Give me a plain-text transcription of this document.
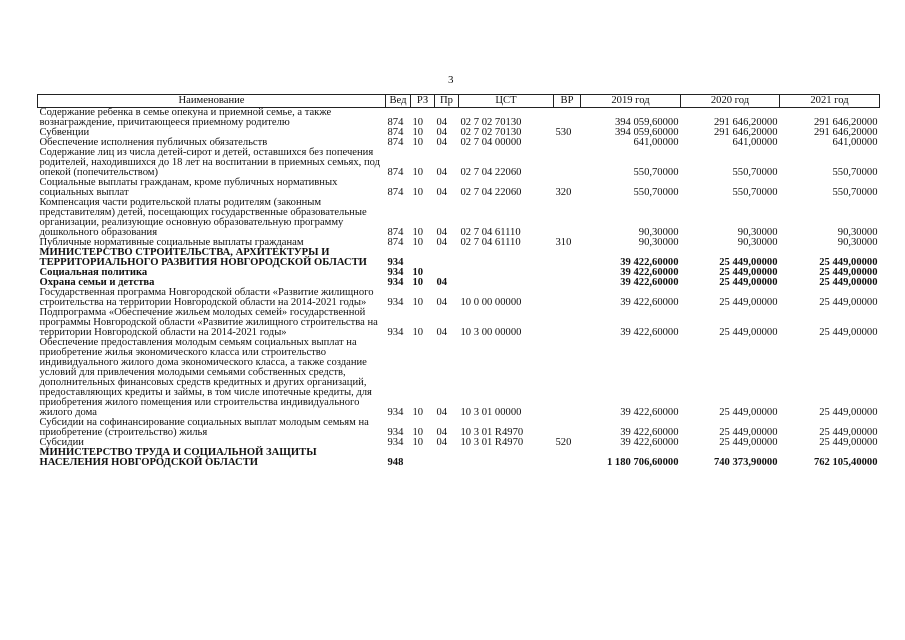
3
Наименование	Вед	РЗ	Пр	ЦСТ	ВР	2019 год	2020 год	2021 год
Содержание ребенка в семье опекуна и приемной семье, а также вознаграждение, причитающееся приемному родителю	874	10	04	02 7 02 70130		394 059,60000	291 646,20000	291 646,20000
Субвенции	874	10	04	02 7 02 70130	530	394 059,60000	291 646,20000	291 646,20000
Обеспечение исполнения публичных обязательств	874	10	04	02 7 04 00000		641,00000	641,00000	641,00000
Содержание лиц из числа детей-сирот и детей, оставшихся без попечения родителей, находившихся до 18 лет на воспитании в приемных семьях, под опекой (попечительством)	874	10	04	02 7 04 22060		550,70000	550,70000	550,70000
Социальные выплаты гражданам, кроме публичных нормативных социальных выплат	874	10	04	02 7 04 22060	320	550,70000	550,70000	550,70000
Компенсация части родительской платы родителям (законным представителям) детей, посещающих государственные образовательные организации, реализующие основную образовательную программу дошкольного образования	874	10	04	02 7 04 61110		90,30000	90,30000	90,30000
Публичные нормативные социальные выплаты гражданам	874	10	04	02 7 04 61110	310	90,30000	90,30000	90,30000
МИНИСТЕРСТВО СТРОИТЕЛЬСТВА, АРХИТЕКТУРЫ И ТЕРРИТОРИАЛЬНОГО РАЗВИТИЯ НОВГОРОДСКОЙ ОБЛАСТИ	934					39 422,60000	25 449,00000	25 449,00000
Социальная политика	934	10				39 422,60000	25 449,00000	25 449,00000
Охрана семьи и детства	934	10	04			39 422,60000	25 449,00000	25 449,00000
Государственная программа Новгородской области «Развитие жилищного строительства на территории Новгородской области на 2014-2021 годы»	934	10	04	10 0 00 00000		39 422,60000	25 449,00000	25 449,00000
Подпрограмма «Обеспечение жильем молодых семей» государственной программы Новгородской области «Развитие жилищного строительства на территории Новгородской области на 2014-2021 годы»	934	10	04	10 3 00 00000		39 422,60000	25 449,00000	25 449,00000
Обеспечение предоставления молодым семьям социальных выплат на приобретение жилья экономического класса или строительство индивидуального жилого дома экономического класса, а также создание условий для привлечения молодыми семьями собственных средств, дополнительных финансовых средств кредитных и других организаций, предоставляющих кредиты и займы, в том числе ипотечные кредиты, для приобретения жилого помещения или строительства индивидуального жилого дома	934	10	04	10 3 01 00000		39 422,60000	25 449,00000	25 449,00000
Субсидии на софинансирование социальных выплат молодым семьям на приобретение (строительство) жилья	934	10	04	10 3 01 R4970		39 422,60000	25 449,00000	25 449,00000
Субсидии	934	10	04	10 3 01 R4970	520	39 422,60000	25 449,00000	25 449,00000
МИНИСТЕРСТВО ТРУДА И СОЦИАЛЬНОЙ ЗАЩИТЫ НАСЕЛЕНИЯ НОВГОРОДСКОЙ ОБЛАСТИ	948					1 180 706,60000	740 373,90000	762 105,40000
